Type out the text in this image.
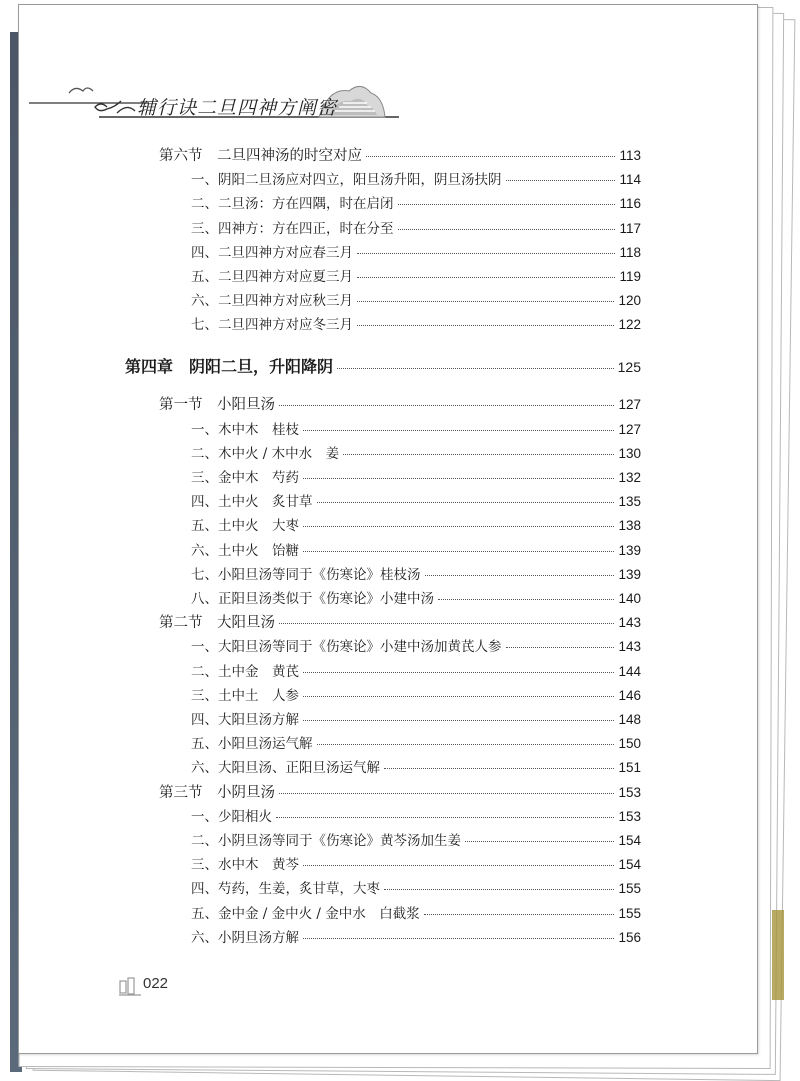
辅行诀二旦四神方阐密
第六节　二旦四神汤的时空对应	113
一、阴阳二旦汤应对四立，阳旦汤升阳，阴旦汤扶阴	114
二、二旦汤：方在四隅，时在启闭	116
三、四神方：方在四正，时在分至	117
四、二旦四神方对应春三月	118
五、二旦四神方对应夏三月	119
六、二旦四神方对应秋三月	120
七、二旦四神方对应冬三月	122
第四章　阴阳二旦，升阳降阴	125
第一节　小阳旦汤	127
一、木中木　桂枝	127
二、木中火 / 木中水　姜	130
三、金中木　芍药	132
四、土中火　炙甘草	135
五、土中火　大枣	138
六、土中火　饴糖	139
七、小阳旦汤等同于《伤寒论》桂枝汤	139
八、正阳旦汤类似于《伤寒论》小建中汤	140
第二节　大阳旦汤	143
一、大阳旦汤等同于《伤寒论》小建中汤加黄芪人参	143
二、土中金　黄芪	144
三、土中土　人参	146
四、大阳旦汤方解	148
五、小阳旦汤运气解	150
六、大阳旦汤、正阳旦汤运气解	151
第三节　小阴旦汤	153
一、少阳相火	153
二、小阴旦汤等同于《伤寒论》黄芩汤加生姜	154
三、水中木　黄芩	154
四、芍药，生姜，炙甘草，大枣	155
五、金中金 / 金中火 / 金中水　白截浆	155
六、小阴旦汤方解	156
022
